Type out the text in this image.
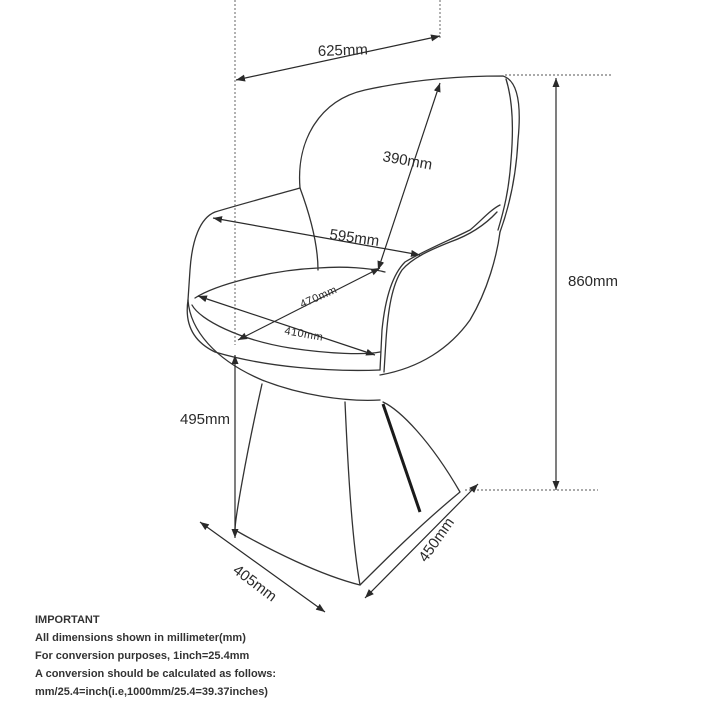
625mm
390mm
595mm
470mm
410mm
860mm
495mm
405mm
450mm
IMPORTANT
All dimensions shown in millimeter(mm)
For conversion purposes, 1inch=25.4mm
A conversion should be calculated as follows:
mm/25.4=inch(i.e,1000mm/25.4=39.37inches)
